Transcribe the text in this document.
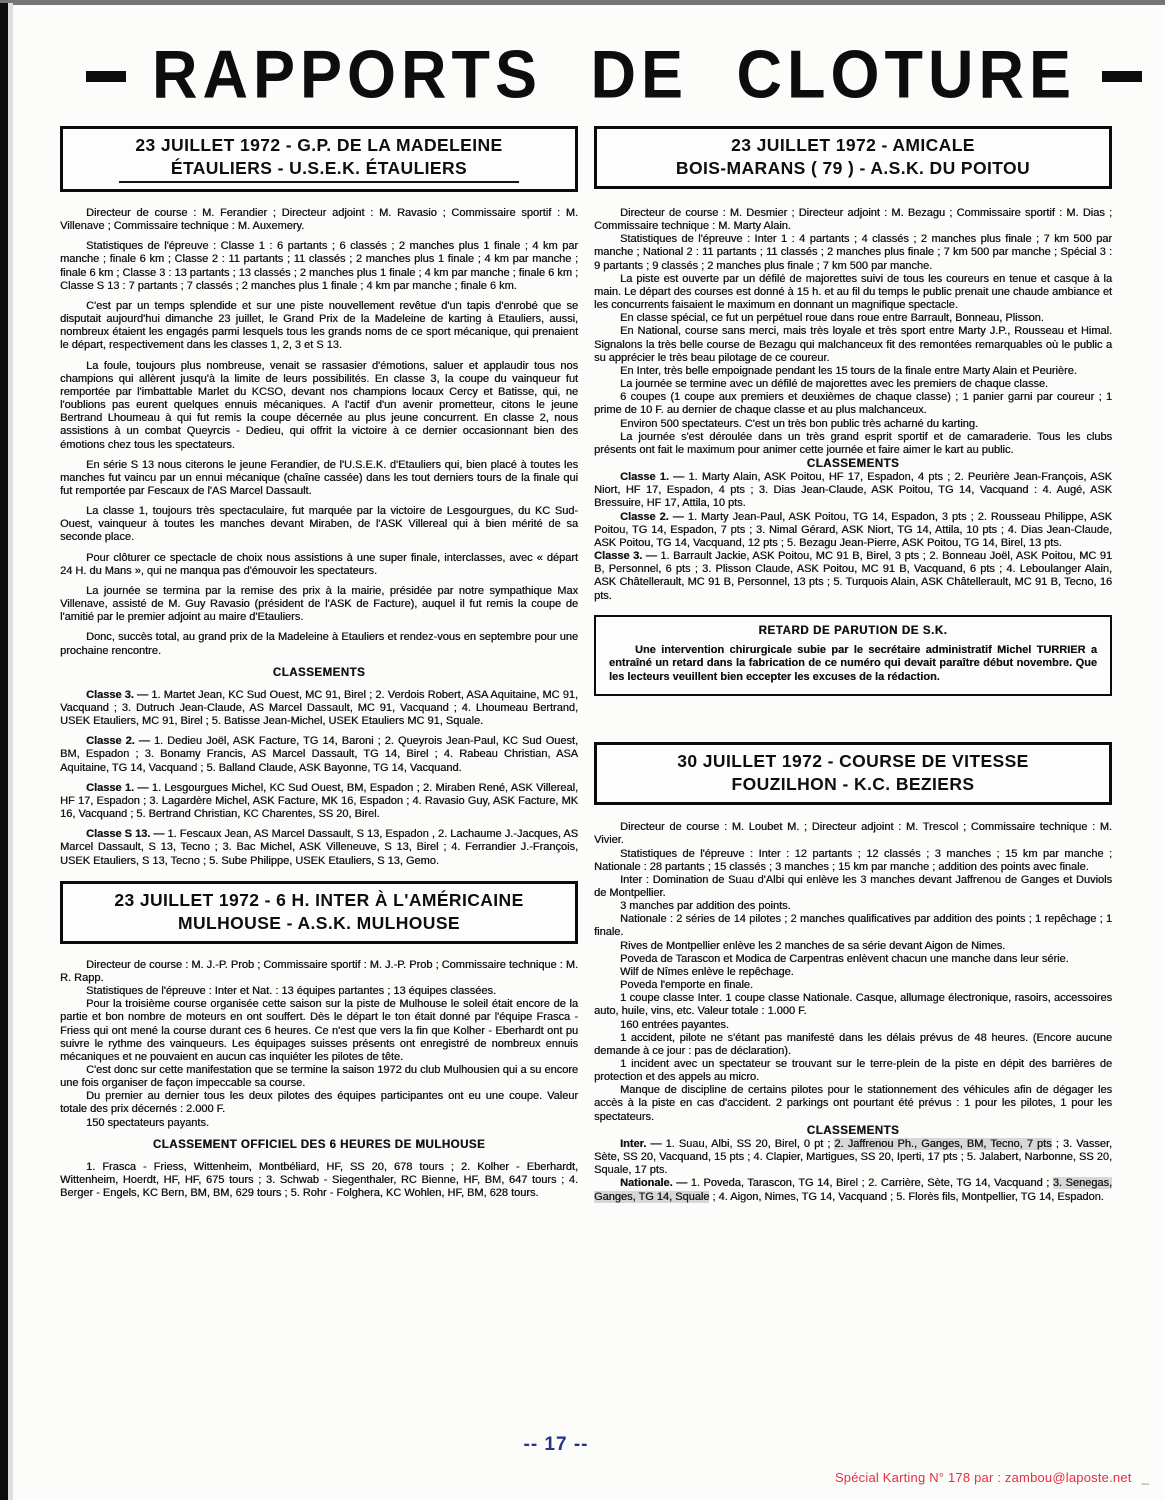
RAPPORTS DE CLOTURE
23 JUILLET 1972 - G.P. DE LA MADELEINE
ÉTAULIERS - U.S.E.K. ÉTAULIERS

Directeur de course : M. Ferandier ; Directeur adjoint : M. Ravasio ; Commissaire sportif : M. Villenave ; Commissaire technique : M. Auxemery.

Statistiques de l'épreuve : Classe 1 : 6 partants ; 6 classés ; 2 manches plus 1 finale ; 4 km par manche ; finale 6 km ; Classe 2 : 11 partants ; 11 classés ; 2 manches plus 1 finale ; 4 km par manche ; finale 6 km ; Classe 3 : 13 partants ; 13 classés ; 2 manches plus 1 finale ; 4 km par manche ; finale 6 km ; Classe S 13 : 7 partants ; 7 classés ; 2 manches plus 1 finale ; 4 km par manche ; finale 6 km.

C'est par un temps splendide et sur une piste nouvellement revêtue d'un tapis d'enrobé que se disputait aujourd'hui dimanche 23 juillet, le Grand Prix de la Madeleine de karting à Etauliers, aussi, nombreux étaient les engagés parmi lesquels tous les grands noms de ce sport mécanique, qui prenaient le départ, respectivement dans les classes 1, 2, 3 et S 13.

La foule, toujours plus nombreuse, venait se rassasier d'émotions, saluer et applaudir tous nos champions qui allèrent jusqu'à la limite de leurs possibilités. En classe 3, la coupe du vainqueur fut remportée par l'imbattable Marlet du KCSO, devant nos champions locaux Cercy et Batisse, qui, ne l'oublions pas eurent quelques ennuis mécaniques. A l'actif d'un avenir prometteur, citons le jeune Bertrand Lhoumeau à qui fut remis la coupe décernée au plus jeune concurrent. En classe 2, nous assistions à un combat Queyrcis - Dedieu, qui offrit la victoire à ce dernier occasionnant bien des émotions chez tous les spectateurs.

En série S 13 nous citerons le jeune Ferandier, de l'U.S.E.K. d'Etauliers qui, bien placé à toutes les manches fut vaincu par un ennui mécanique (chaîne cassée) dans les tout derniers tours de la finale qui fut remportée par Fescaux de l'AS Marcel Dassault.

La classe 1, toujours très spectaculaire, fut marquée par la victoire de Lesgourgues, du KC Sud-Ouest, vainqueur à toutes les manches devant Miraben, de l'ASK Villereal qui à bien mérité de sa seconde place.

Pour clôturer ce spectacle de choix nous assistions à une super finale, interclasses, avec « départ 24 H. du Mans », qui ne manqua pas d'émouvoir les spectateurs.

La journée se termina par la remise des prix à la mairie, présidée par notre sympathique Max Villenave, assisté de M. Guy Ravasio (président de l'ASK de Facture), auquel il fut remis la coupe de l'amitié par le premier adjoint au maire d'Etauliers.

Donc, succès total, au grand prix de la Madeleine à Etauliers et rendez-vous en septembre pour une prochaine rencontre.

CLASSEMENTS

Classe 3. — 1. Martet Jean, KC Sud Ouest, MC 91, Birel ; 2. Verdois Robert, ASA Aquitaine, MC 91, Vacquand ; 3. Dutruch Jean-Claude, AS Marcel Dassault, MC 91, Vacquand ; 4. Lhoumeau Bertrand, USEK Etauliers, MC 91, Birel ; 5. Batisse Jean-Michel, USEK Etauliers MC 91, Squale.

Classe 2. — 1. Dedieu Joël, ASK Facture, TG 14, Baroni ; 2. Queyrois Jean-Paul, KC Sud Ouest, BM, Espadon ; 3. Bonamy Francis, AS Marcel Dassault, TG 14, Birel ; 4. Rabeau Christian, ASA Aquitaine, TG 14, Vacquand ; 5. Balland Claude, ASK Bayonne, TG 14, Vacquand.

Classe 1. — 1. Lesgourgues Michel, KC Sud Ouest, BM, Espadon ; 2. Miraben René, ASK Villereal, HF 17, Espadon ; 3. Lagardère Michel, ASK Facture, MK 16, Espadon ; 4. Ravasio Guy, ASK Facture, MK 16, Vacquand ; 5. Bertrand Christian, KC Charentes, SS 20, Birel.

Classe S 13. — 1. Fescaux Jean, AS Marcel Dassault, S 13, Espadon , 2. Lachaume J.-Jacques, AS Marcel Dassault, S 13, Tecno ; 3. Bac Michel, ASK Villeneuve, S 13, Birel ; 4. Ferrandier J.-François, USEK Etauliers, S 13, Tecno ; 5. Sube Philippe, USEK Etauliers, S 13, Gemo.

23 JUILLET 1972 - 6 H. INTER À L'AMÉRICAINE
MULHOUSE - A.S.K. MULHOUSE

Directeur de course : M. J.-P. Prob ; Commissaire sportif : M. J.-P. Prob ; Commissaire technique : M. R. Rapp.

Statistiques de l'épreuve : Inter et Nat. : 13 équipes partantes ; 13 équipes classées.

Pour la troisième course organisée cette saison sur la piste de Mulhouse le soleil était encore de la partie et bon nombre de moteurs en ont souffert. Dès le départ le ton était donné par l'équipe Frasca - Friess qui ont mené la course durant ces 6 heures. Ce n'est que vers la fin que Kolher - Eberhardt ont pu suivre le rythme des vainqueurs. Les équipages suisses présents ont enregistré de nombreux ennuis mécaniques et ne pouvaient en aucun cas inquiéter les pilotes de tête.

C'est donc sur cette manifestation que se termine la saison 1972 du club Mulhousien qui a su encore une fois organiser de façon impeccable sa course.

Du premier au dernier tous les deux pilotes des équipes participantes ont eu une coupe. Valeur totale des prix décernés : 2.000 F.

150 spectateurs payants.

CLASSEMENT OFFICIEL DES 6 HEURES DE MULHOUSE

1. Frasca - Friess, Wittenheim, Montbéliard, HF, SS 20, 678 tours ; 2. Kolher - Eberhardt, Wittenheim, Hoerdt, HF, HF, 675 tours ; 3. Schwab - Siegenthaler, RC Bienne, HF, BM, 647 tours ; 4. Berger - Engels, KC Bern, BM, BM, 629 tours ; 5. Rohr - Folghera, KC Wohlen, HF, BM, 628 tours.

23 JUILLET 1972 - AMICALE
BOIS-MARANS ( 79 ) - A.S.K. DU POITOU

Directeur de course : M. Desmier ; Directeur adjoint : M. Bezagu ; Commissaire sportif : M. Dias ; Commissaire technique : M. Marty Alain.

Statistiques de l'épreuve : Inter 1 : 4 partants ; 4 classés ; 2 manches plus finale ; 7 km 500 par manche ; National 2 : 11 partants ; 11 classés ; 2 manches plus finale ; 7 km 500 par manche ; Spécial 3 : 9 partants ; 9 classés ; 2 manches plus finale ; 7 km 500 par manche.

La piste est ouverte par un défilé de majorettes suivi de tous les coureurs en tenue et casque à la main. Le départ des courses est donné à 15 h. et au fil du temps le public prenait une chaude ambiance et les concurrents faisaient le maximum en donnant un magnifique spectacle.

En classe spécial, ce fut un perpétuel roue dans roue entre Barrault, Bonneau, Plisson.

En National, course sans merci, mais très loyale et très sport entre Marty J.P., Rousseau et Himal. Signalons la très belle course de Bezagu qui malchanceux fit des remontées remarquables où le public a su apprécier le très beau pilotage de ce coureur.

En Inter, très belle empoignade pendant les 15 tours de la finale entre Marty Alain et Peurière.

La journée se termine avec un défilé de majorettes avec les premiers de chaque classe.

6 coupes (1 coupe aux premiers et deuxièmes de chaque classe) ; 1 panier garni par coureur ; 1 prime de 10 F. au dernier de chaque classe et au plus malchanceux.

Environ 500 spectateurs. C'est un très bon public très acharné du karting.

La journée s'est déroulée dans un très grand esprit sportif et de camaraderie. Tous les clubs présents ont fait le maximum pour animer cette journée et faire aimer le kart au public.

CLASSEMENTS

Classe 1. — 1. Marty Alain, ASK Poitou, HF 17, Espadon, 4 pts ; 2. Peurière Jean-François, ASK Niort, HF 17, Espadon, 4 pts ; 3. Dias Jean-Claude, ASK Poitou, TG 14, Vacquand : 4. Augé, ASK Bressuire, HF 17, Attila, 10 pts.

Classe 2. — 1. Marty Jean-Paul, ASK Poitou, TG 14, Espadon, 3 pts ; 2. Rousseau Philippe, ASK Poitou, TG 14, Espadon, 7 pts ; 3. Nimal Gérard, ASK Niort, TG 14, Attila, 10 pts ; 4. Dias Jean-Claude, ASK Poitou, TG 14, Vacquand, 12 pts ; 5. Bezagu Jean-Pierre, ASK Poitou, TG 14, Birel, 13 pts.

Classe 3. — 1. Barrault Jackie, ASK Poitou, MC 91 B, Birel, 3 pts ; 2. Bonneau Joël, ASK Poitou, MC 91 B, Personnel, 6 pts ; 3. Plisson Claude, ASK Poitou, MC 91 B, Vacquand, 6 pts ; 4. Leboulanger Alain, ASK Châtellerault, MC 91 B, Personnel, 13 pts ; 5. Turquois Alain, ASK Châtellerault, MC 91 B, Tecno, 16 pts.

RETARD DE PARUTION DE S.K.

Une intervention chirurgicale subie par le secrétaire administratif Michel TURRIER a entraîné un retard dans la fabrication de ce numéro qui devait paraître début novembre. Que les lecteurs veuillent bien eccepter les excuses de la rédaction.

30 JUILLET 1972 - COURSE DE VITESSE
FOUZILHON - K.C. BEZIERS

Directeur de course : M. Loubet M. ; Directeur adjoint : M. Trescol ; Commissaire technique : M. Vivier.

Statistiques de l'épreuve : Inter : 12 partants ; 12 classés ; 3 manches ; 15 km par manche ; Nationale : 28 partants ; 15 classés ; 3 manches ; 15 km par manche ; addition des points avec finale.

Inter : Domination de Suau d'Albi qui enlève les 3 manches devant Jaffrenou de Ganges et Duviols de Montpellier.

3 manches par addition des points.

Nationale : 2 séries de 14 pilotes ; 2 manches qualificatives par addition des points ; 1 repêchage ; 1 finale.

Rives de Montpellier enlève les 2 manches de sa série devant Aigon de Nimes.

Poveda de Tarascon et Modica de Carpentras enlèvent chacun une manche dans leur série.

Wilf de Nîmes enlève le repêchage.

Poveda l'emporte en finale.

1 coupe classe Inter. 1 coupe classe Nationale. Casque, allumage électronique, rasoirs, accessoires auto, huile, vins, etc. Valeur totale : 1.000 F.

160 entrées payantes.

1 accident, pilote ne s'étant pas manifesté dans les délais prévus de 48 heures. (Encore aucune demande à ce jour : pas de déclaration).

1 incident avec un spectateur se trouvant sur le terre-plein de la piste en dépit des barrières de protection et des appels au micro.

Manque de discipline de certains pilotes pour le stationnement des véhicules afin de dégager les accès à la piste en cas d'accident. 2 parkings ont pourtant été prévus : 1 pour les pilotes, 1 pour les spectateurs.

CLASSEMENTS

Inter. — 1. Suau, Albi, SS 20, Birel, 0 pt ; 2. Jaffrenou Ph., Ganges, BM, Tecno, 7 pts ; 3. Vasser, Sète, SS 20, Vacquand, 15 pts ; 4. Clapier, Martigues, SS 20, Iperti, 17 pts ; 5. Jalabert, Narbonne, SS 20, Squale, 17 pts.

Nationale. — 1. Poveda, Tarascon, TG 14, Birel ; 2. Carrière, Sète, TG 14, Vacquand ; 3. Senegas, Ganges, TG 14, Squale ; 4. Aigon, Nimes, TG 14, Vacquand ; 5. Florès fils, Montpellier, TG 14, Espadon.

-- 17 --
Spécial Karting N° 178 par : zambou@laposte.net _
